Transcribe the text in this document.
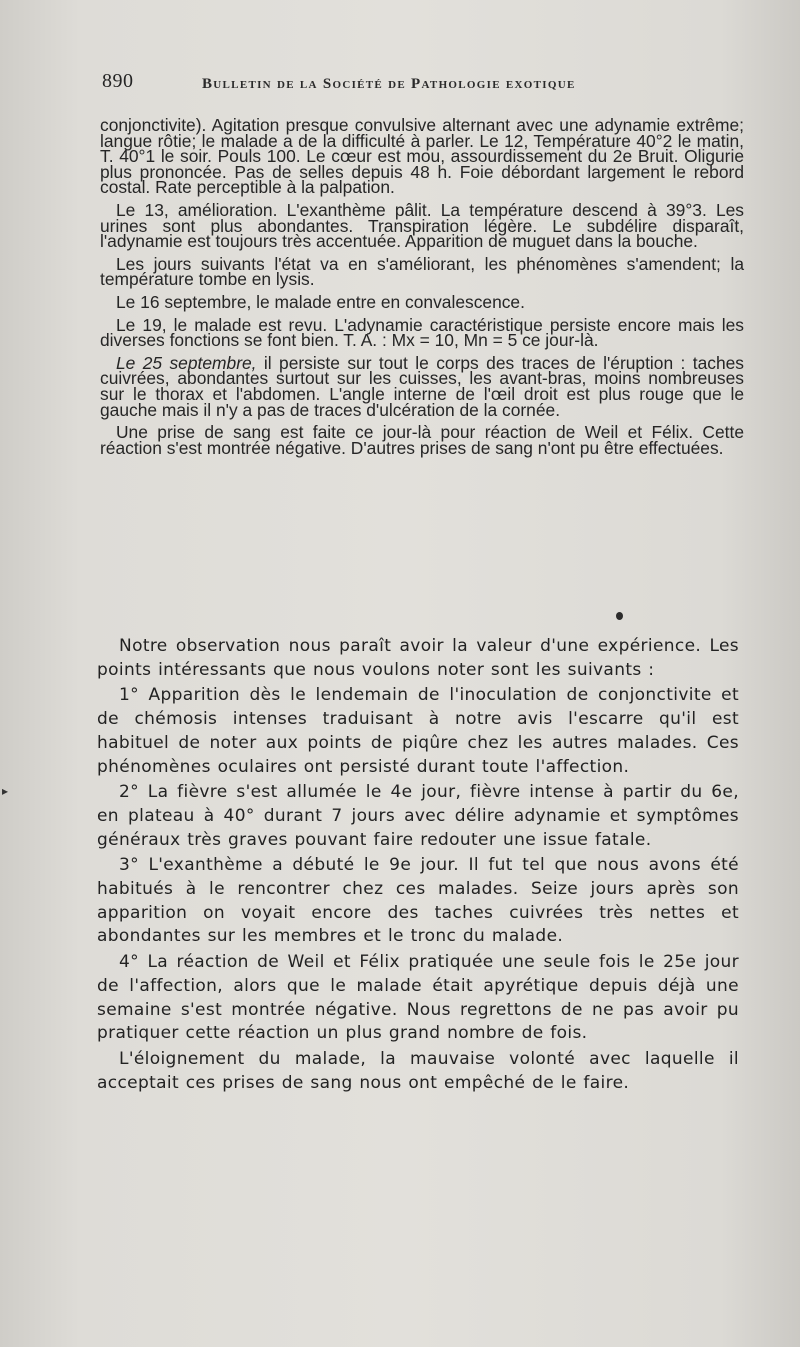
890	Bulletin de la Société de Pathologie exotique

conjonctivite). Agitation presque convulsive alternant avec une adynamie extrême; langue rôtie; le malade a de la difficulté à parler. Le 12, Température 40°2 le matin, T. 40°1 le soir. Pouls 100. Le cœur est mou, assourdissement du 2e Bruit. Oligurie plus prononcée. Pas de selles depuis 48 h. Foie débordant largement le rebord costal. Rate perceptible à la palpation.

Le 13, amélioration. L'exanthème pâlit. La température descend à 39°3. Les urines sont plus abondantes. Transpiration légère. Le subdélire disparaît, l'adynamie est toujours très accentuée. Apparition de muguet dans la bouche.

Les jours suivants l'état va en s'améliorant, les phénomènes s'amendent; la température tombe en lysis.

Le 16 septembre, le malade entre en convalescence.

Le 19, le malade est revu. L'adynamie caractéristique persiste encore mais les diverses fonctions se font bien. T. A. : Mx = 10, Mn = 5 ce jour-là.

Le 25 septembre, il persiste sur tout le corps des traces de l'éruption : taches cuivrées, abondantes surtout sur les cuisses, les avant-bras, moins nombreuses sur le thorax et l'abdomen. L'angle interne de l'œil droit est plus rouge que le gauche mais il n'y a pas de traces d'ulcération de la cornée.

Une prise de sang est faite ce jour-là pour réaction de Weil et Félix. Cette réaction s'est montrée négative. D'autres prises de sang n'ont pu être effectuées.

Notre observation nous paraît avoir la valeur d'une expérience. Les points intéressants que nous voulons noter sont les suivants :

1° Apparition dès le lendemain de l'inoculation de conjonctivite et de chémosis intenses traduisant à notre avis l'escarre qu'il est habituel de noter aux points de piqûre chez les autres malades. Ces phénomènes oculaires ont persisté durant toute l'affection.

2° La fièvre s'est allumée le 4e jour, fièvre intense à partir du 6e, en plateau à 40° durant 7 jours avec délire adynamie et symptômes généraux très graves pouvant faire redouter une issue fatale.

3° L'exanthème a débuté le 9e jour. Il fut tel que nous avons été habitués à le rencontrer chez ces malades. Seize jours après son apparition on voyait encore des taches cuivrées très nettes et abondantes sur les membres et le tronc du malade.

4° La réaction de Weil et Félix pratiquée une seule fois le 25e jour de l'affection, alors que le malade était apyrétique depuis déjà une semaine s'est montrée négative. Nous regrettons de ne pas avoir pu pratiquer cette réaction un plus grand nombre de fois.

L'éloignement du malade, la mauvaise volonté avec laquelle il acceptait ces prises de sang nous ont empêché de le faire.

▸
